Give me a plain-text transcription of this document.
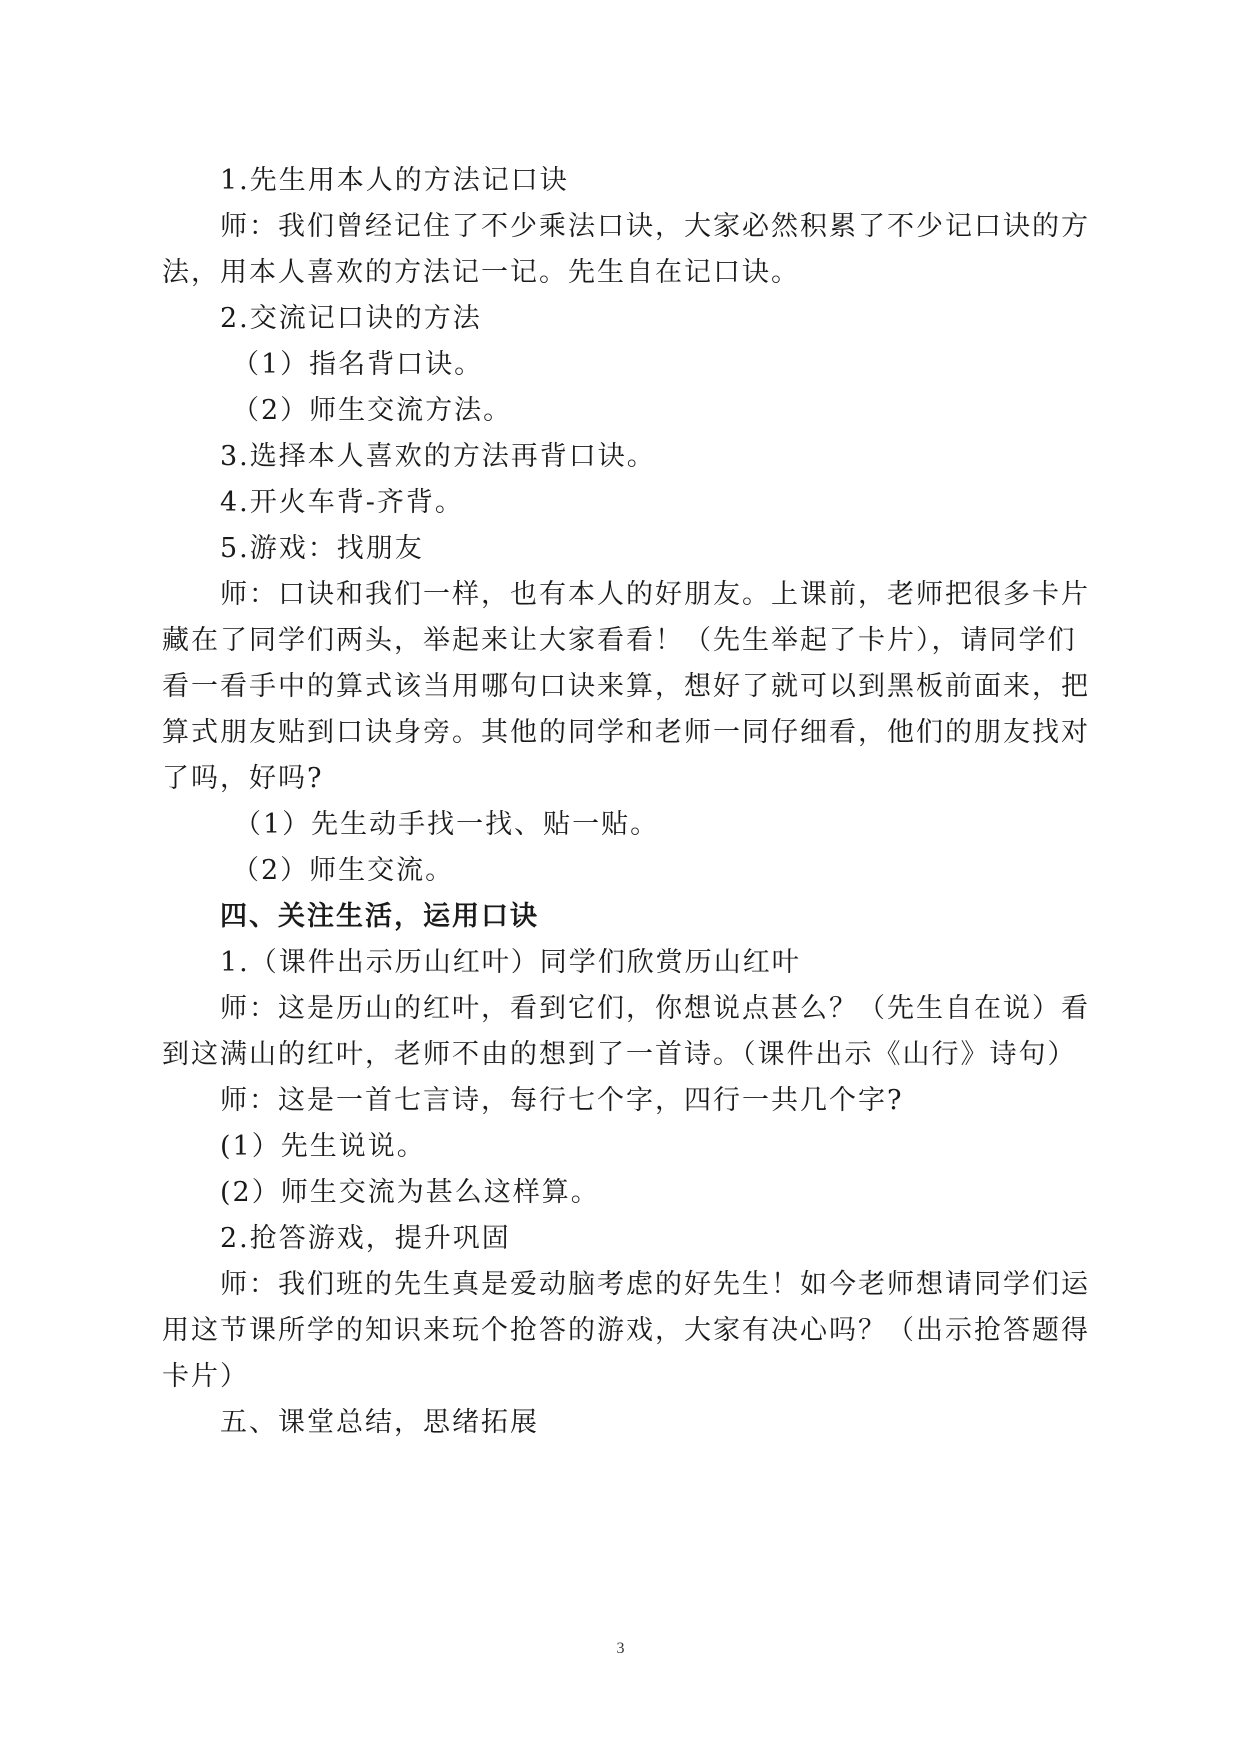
1.先生用本人的方法记口诀

师：我们曾经记住了不少乘法口诀，大家必然积累了不少记口诀的方法，用本人喜欢的方法记一记。先生自在记口诀。

2.交流记口诀的方法

（1）指名背口诀。

（2）师生交流方法。

3.选择本人喜欢的方法再背口诀。

4.开火车背-齐背。

5.游戏：找朋友

师：口诀和我们一样，也有本人的好朋友。上课前，老师把很多卡片藏在了同学们两头，举起来让大家看看！（先生举起了卡片），请同学们看一看手中的算式该当用哪句口诀来算，想好了就可以到黑板前面来，把算式朋友贴到口诀身旁。其他的同学和老师一同仔细看，他们的朋友找对了吗，好吗?

（1）先生动手找一找、贴一贴。

（2）师生交流。

四、关注生活，运用口诀

1.（课件出示历山红叶）同学们欣赏历山红叶

师：这是历山的红叶，看到它们，你想说点甚么？（先生自在说）看到这满山的红叶，老师不由的想到了一首诗。（课件出示《山行》诗句）

师：这是一首七言诗，每行七个字，四行一共几个字?

(1）先生说说。

(2）师生交流为甚么这样算。

2.抢答游戏，提升巩固

师：我们班的先生真是爱动脑考虑的好先生！如今老师想请同学们运用这节课所学的知识来玩个抢答的游戏，大家有决心吗？（出示抢答题得卡片）

五、课堂总结，思绪拓展

3
